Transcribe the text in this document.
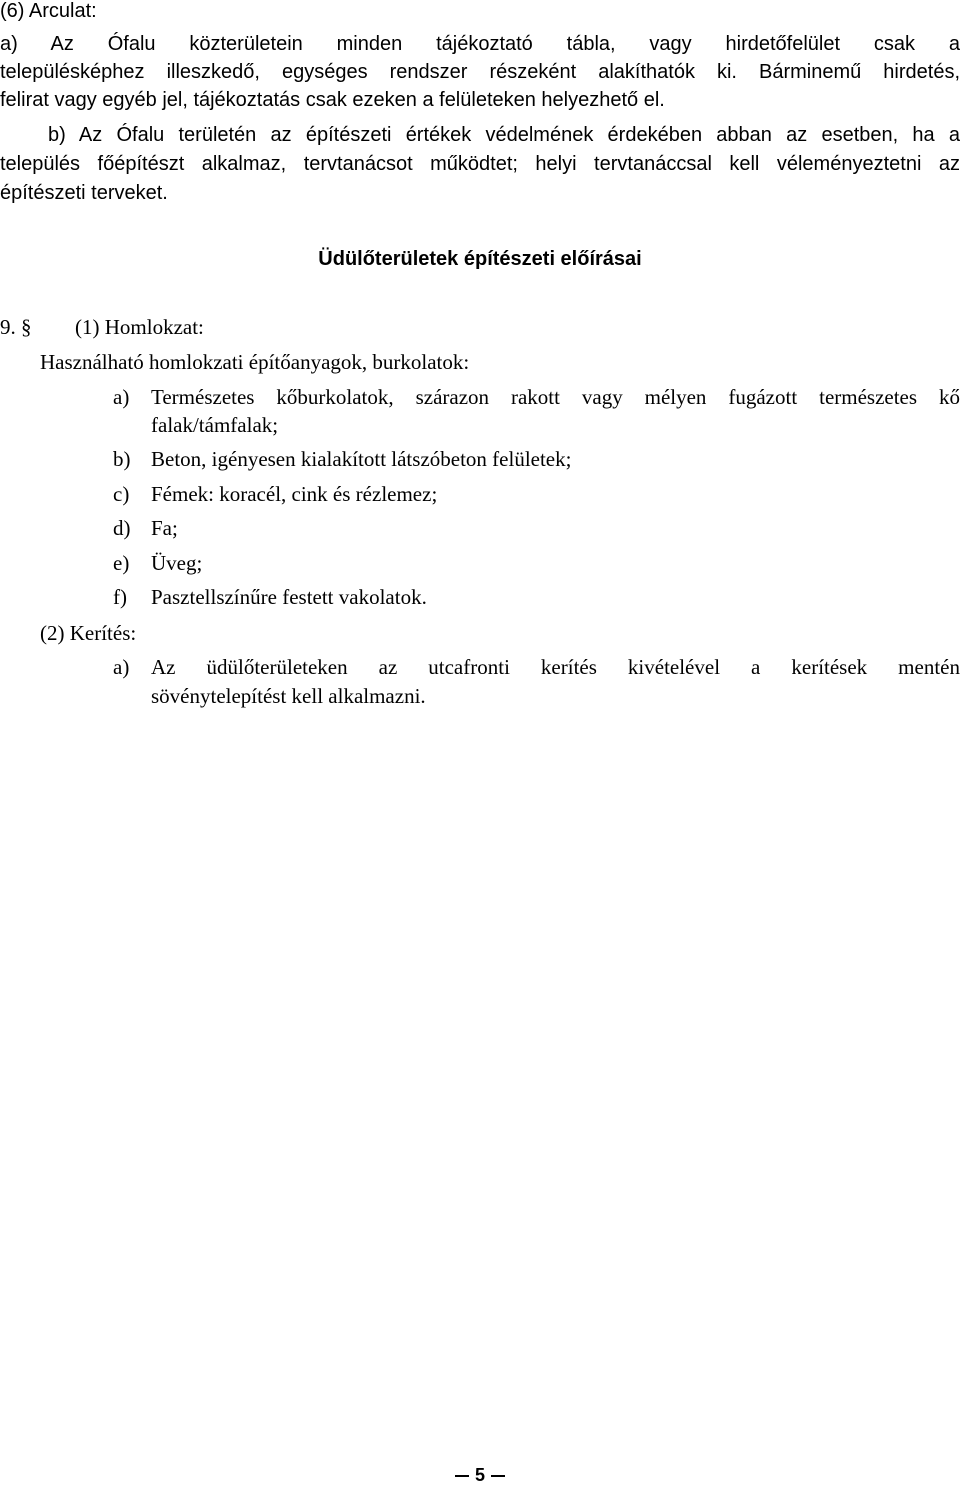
(6) Arculat:
a) Az Ófalu közterületein minden tájékoztató tábla, vagy hirdetőfelület csak a
településképhez illeszkedő, egységes rendszer részeként alakíthatók ki. Bárminemű hirdetés,
felirat vagy egyéb jel, tájékoztatás csak ezeken a felületeken helyezhető el.
b) Az Ófalu területén az építészeti értékek védelmének érdekében abban az esetben, ha a
település főépítészt alkalmaz, tervtanácsot működtet; helyi tervtanáccsal kell véleményeztetni az
építészeti terveket.
Üdülőterületek építészeti előírásai
9. § (1) Homlokzat:
Használható homlokzati építőanyagok, burkolatok:
a) Természetes kőburkolatok, szárazon rakott vagy mélyen fugázott természetes kő
falak/támfalak;
b) Beton, igényesen kialakított látszóbeton felületek;
c) Fémek: koracél, cink és rézlemez;
d) Fa;
e) Üveg;
f) Pasztellszínűre festett vakolatok.
(2) Kerítés:
a) Az üdülőterületeken az utcafronti kerítés kivételével a kerítések mentén
sövénytelepítést kell alkalmazni.
5
